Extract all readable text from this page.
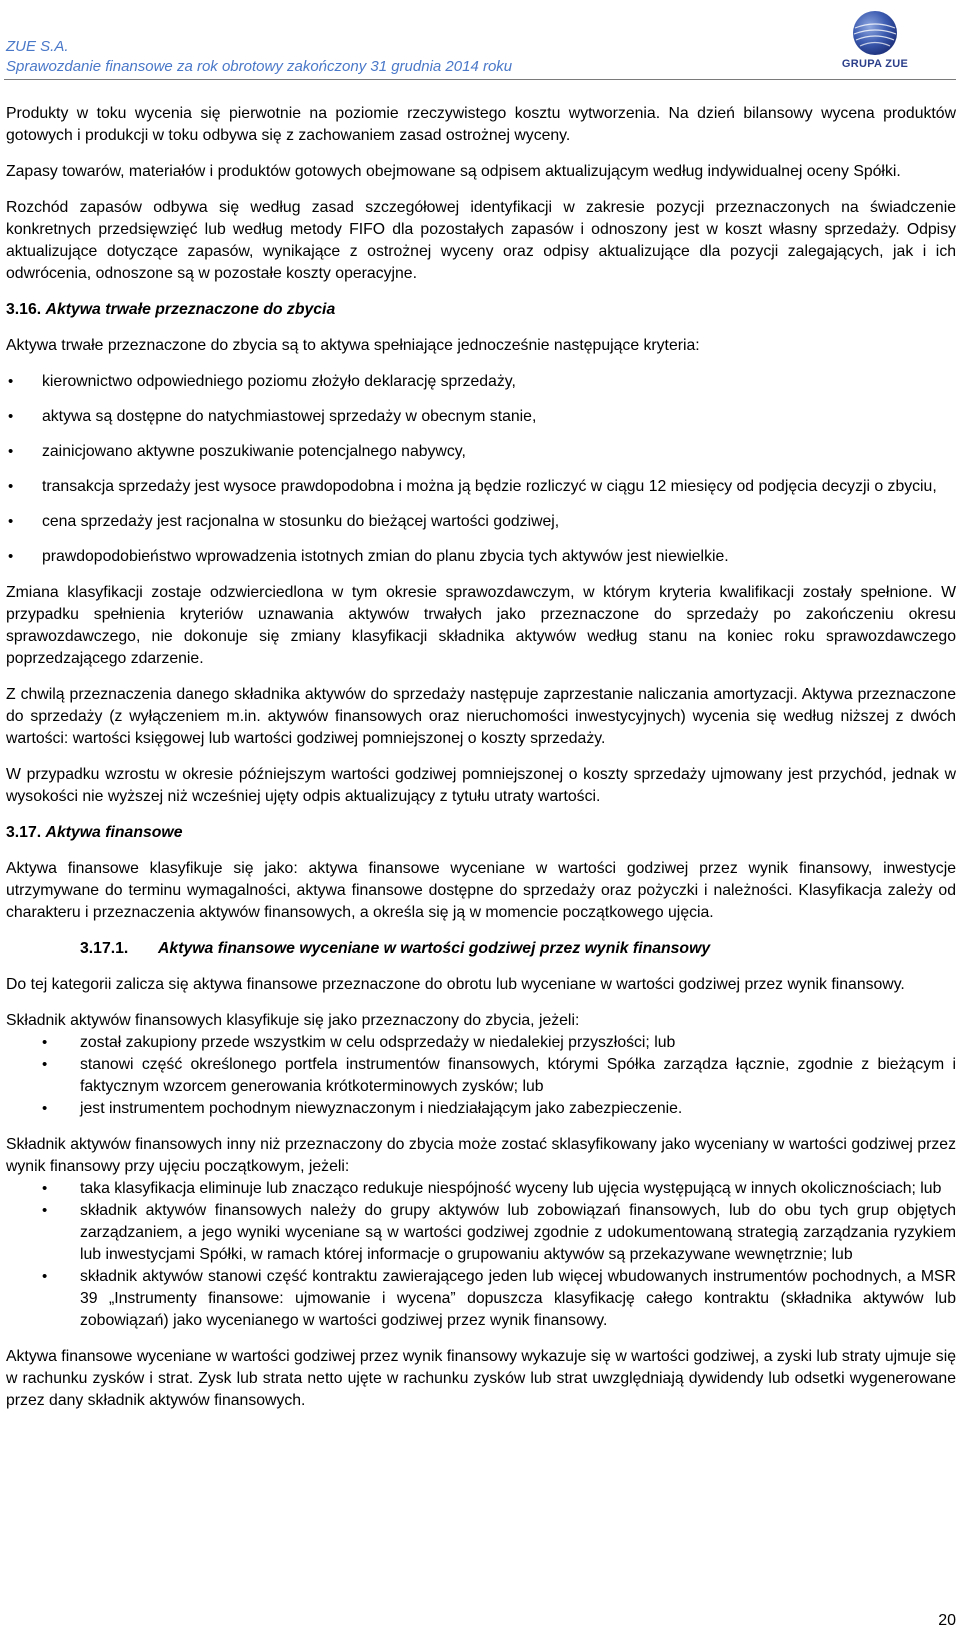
ZUE S.A.
Sprawozdanie finansowe za rok obrotowy zakończony 31 grudnia 2014 roku	GRUPA ZUE

Produkty w toku wycenia się pierwotnie na poziomie rzeczywistego kosztu wytworzenia. Na dzień bilansowy wycena produktów gotowych i produkcji w toku odbywa się z zachowaniem zasad ostrożnej wyceny.

Zapasy towarów, materiałów i produktów gotowych obejmowane są odpisem aktualizującym według indywidualnej oceny Spółki.

Rozchód zapasów odbywa się według zasad szczegółowej identyfikacji w zakresie pozycji przeznaczonych na świadczenie konkretnych przedsięwzięć lub według metody FIFO dla pozostałych zapasów i odnoszony jest w koszt własny sprzedaży. Odpisy aktualizujące dotyczące zapasów, wynikające z ostrożnej wyceny oraz odpisy aktualizujące dla pozycji zalegających, jak i ich odwrócenia, odnoszone są w pozostałe koszty operacyjne.

3.16. Aktywa trwałe przeznaczone do zbycia

Aktywa trwałe przeznaczone do zbycia są to aktywa spełniające jednocześnie następujące kryteria:

• kierownictwo odpowiedniego poziomu złożyło deklarację sprzedaży,
• aktywa są dostępne do natychmiastowej sprzedaży w obecnym stanie,
• zainicjowano aktywne poszukiwanie potencjalnego nabywcy,
• transakcja sprzedaży jest wysoce prawdopodobna i można ją będzie rozliczyć w ciągu 12 miesięcy od podjęcia decyzji o zbyciu,
• cena sprzedaży jest racjonalna w stosunku do bieżącej wartości godziwej,
• prawdopodobieństwo wprowadzenia istotnych zmian do planu zbycia tych aktywów jest niewielkie.

Zmiana klasyfikacji zostaje odzwierciedlona w tym okresie sprawozdawczym, w którym kryteria kwalifikacji zostały spełnione. W przypadku spełnienia kryteriów uznawania aktywów trwałych jako przeznaczone do sprzedaży po zakończeniu okresu sprawozdawczego, nie dokonuje się zmiany klasyfikacji składnika aktywów według stanu na koniec roku sprawozdawczego poprzedzającego zdarzenie.

Z chwilą przeznaczenia danego składnika aktywów do sprzedaży następuje zaprzestanie naliczania amortyzacji. Aktywa przeznaczone do sprzedaży (z wyłączeniem m.in. aktywów finansowych oraz nieruchomości inwestycyjnych) wycenia się według niższej z dwóch wartości: wartości księgowej lub wartości godziwej pomniejszonej o koszty sprzedaży.

W przypadku wzrostu w okresie późniejszym wartości godziwej pomniejszonej o koszty sprzedaży ujmowany jest przychód, jednak w wysokości nie wyższej niż wcześniej ujęty odpis aktualizujący z tytułu utraty wartości.

3.17. Aktywa finansowe

Aktywa finansowe klasyfikuje się jako: aktywa finansowe wyceniane w wartości godziwej przez wynik finansowy, inwestycje utrzymywane do terminu wymagalności, aktywa finansowe dostępne do sprzedaży oraz pożyczki i należności. Klasyfikacja zależy od charakteru i przeznaczenia aktywów finansowych, a określa się ją w momencie początkowego ujęcia.

3.17.1. Aktywa finansowe wyceniane w wartości godziwej przez wynik finansowy

Do tej kategorii zalicza się aktywa finansowe przeznaczone do obrotu lub wyceniane w wartości godziwej przez wynik finansowy.

Składnik aktywów finansowych klasyfikuje się jako przeznaczony do zbycia, jeżeli:

• został zakupiony przede wszystkim w celu odsprzedaży w niedalekiej przyszłości; lub
• stanowi część określonego portfela instrumentów finansowych, którymi Spółka zarządza łącznie, zgodnie z bieżącym i faktycznym wzorcem generowania krótkoterminowych zysków; lub
• jest instrumentem pochodnym niewyznaczonym i niedziałającym jako zabezpieczenie.

Składnik aktywów finansowych inny niż przeznaczony do zbycia może zostać sklasyfikowany jako wyceniany w wartości godziwej przez wynik finansowy przy ujęciu początkowym, jeżeli:

• taka klasyfikacja eliminuje lub znacząco redukuje niespójność wyceny lub ujęcia występującą w innych okolicznościach; lub
• składnik aktywów finansowych należy do grupy aktywów lub zobowiązań finansowych, lub do obu tych grup objętych zarządzaniem, a jego wyniki wyceniane są w wartości godziwej zgodnie z udokumentowaną strategią zarządzania ryzykiem lub inwestycjami Spółki, w ramach której informacje o grupowaniu aktywów są przekazywane wewnętrznie; lub
• składnik aktywów stanowi część kontraktu zawierającego jeden lub więcej wbudowanych instrumentów pochodnych, a MSR 39 „Instrumenty finansowe: ujmowanie i wycena” dopuszcza klasyfikację całego kontraktu (składnika aktywów lub zobowiązań) jako wycenianego w wartości godziwej przez wynik finansowy.

Aktywa finansowe wyceniane w wartości godziwej przez wynik finansowy wykazuje się w wartości godziwej, a zyski lub straty ujmuje się w rachunku zysków i strat. Zysk lub strata netto ujęte w rachunku zysków lub strat uwzględniają dywidendy lub odsetki wygenerowane przez dany składnik aktywów finansowych.

20
